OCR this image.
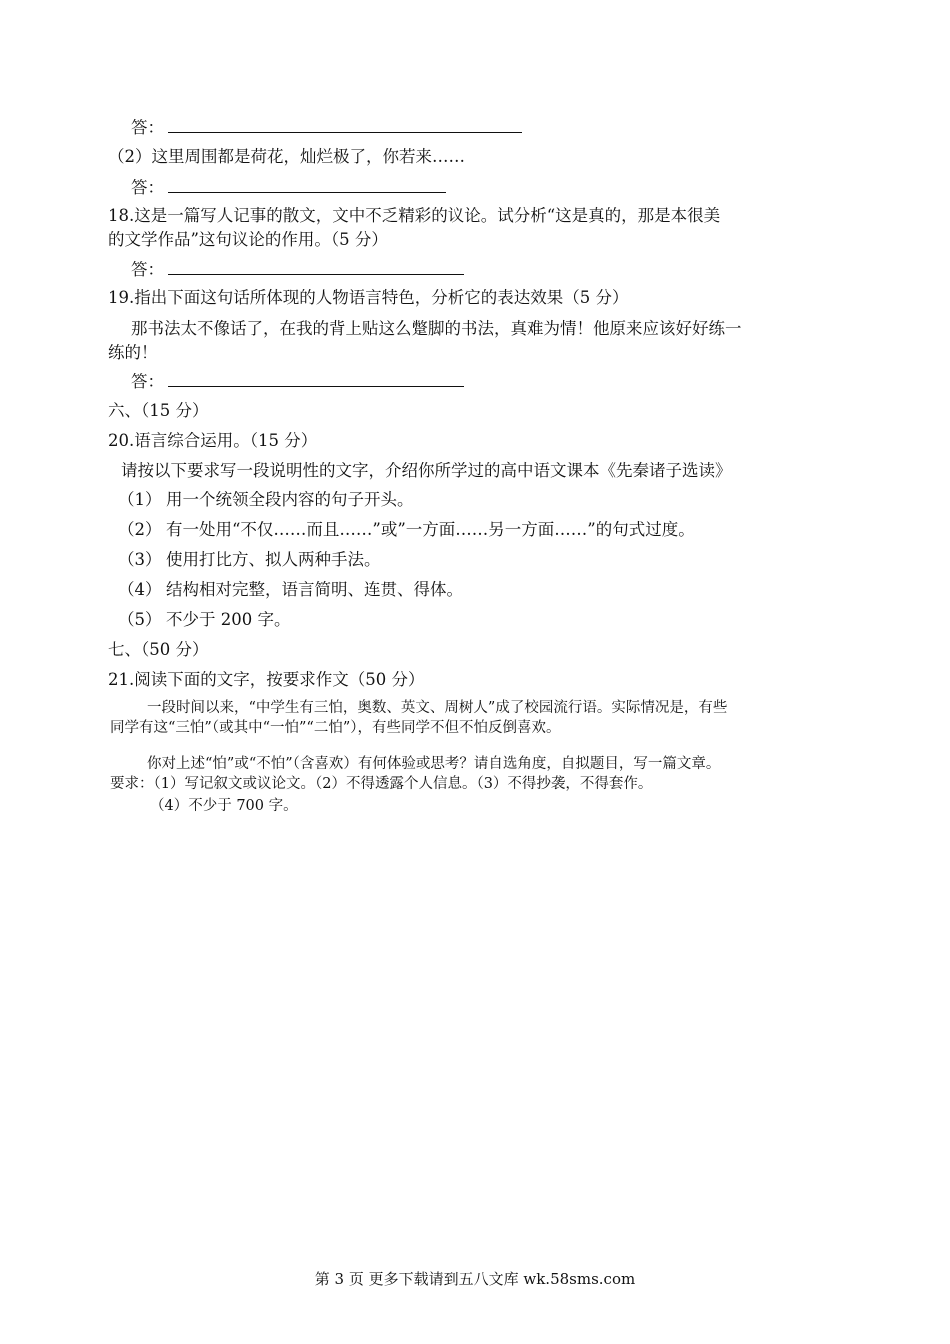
答：
（2）这里周围都是荷花，灿烂极了，你若来……
答：
18.这是一篇写人记事的散文，文中不乏精彩的议论。试分析“这是真的，那是本很美
的文学作品”这句议论的作用。（5 分）
答：
19.指出下面这句话所体现的人物语言特色，分析它的表达效果（5 分）
那书法太不像话了，在我的背上贴这么蹩脚的书法，真难为情！他原来应该好好练一
练的！
答：
六、（15 分）
20.语言综合运用。（15 分）
请按以下要求写一段说明性的文字，介绍你所学过的高中语文课本《先秦诸子选读》
（1） 用一个统领全段内容的句子开头。
（2） 有一处用“不仅……而且……”或”一方面……另一方面……”的句式过度。
（3） 使用打比方、拟人两种手法。
（4） 结构相对完整，语言简明、连贯、得体。
（5） 不少于 200 字。
七、（50 分）
21.阅读下面的文字，按要求作文（50 分）
一段时间以来，“中学生有三怕，奥数、英文、周树人”成了校园流行语。实际情况是，有些
同学有这“三怕”（或其中“一怕”“二怕”），有些同学不但不怕反倒喜欢。
你对上述“怕”或“不怕”（含喜欢）有何体验或思考？请自选角度，自拟题目，写一篇文章。
要求：（1）写记叙文或议论文。（2）不得透露个人信息。（3）不得抄袭，不得套作。
（4）不少于 700 字。
第 3 页 更多下载请到五八文库 wk.58sms.com
